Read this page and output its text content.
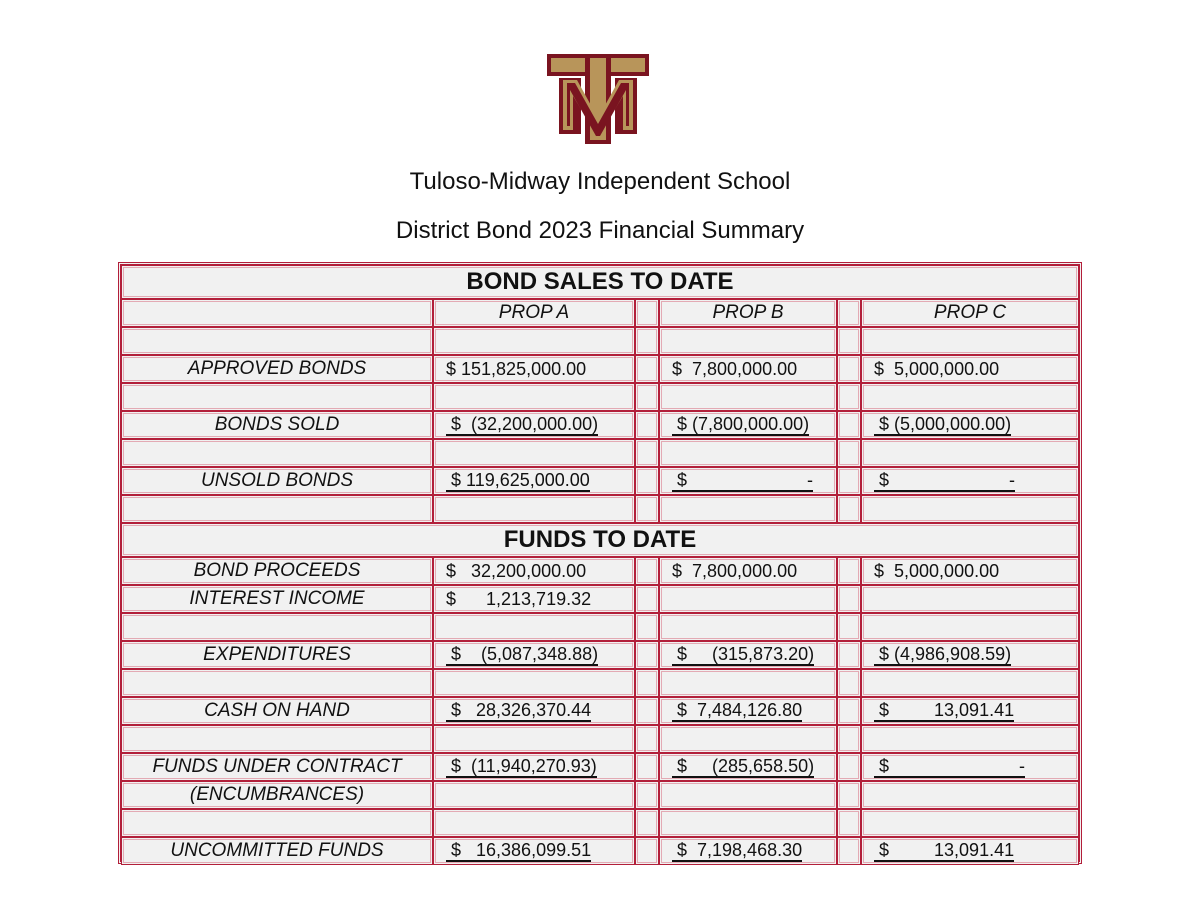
Tuloso-Midway Independent School
District Bond 2023 Financial Summary
BOND SALES TO DATE
PROP A	PROP B	PROP C
APPROVED BONDS	$ 151,825,000.00	$  7,800,000.00	$  5,000,000.00
BONDS SOLD	$  (32,200,000.00)	$ (7,800,000.00)	$ (5,000,000.00)
UNSOLD BONDS	$ 119,625,000.00	$                        -	$                        -
FUNDS TO DATE
BOND PROCEEDS	$   32,200,000.00	$  7,800,000.00	$  5,000,000.00
INTEREST INCOME	$      1,213,719.32
EXPENDITURES	$    (5,087,348.88)	$     (315,873.20)	$ (4,986,908.59)
CASH ON HAND	$   28,326,370.44	$  7,484,126.80	$         13,091.41
FUNDS UNDER CONTRACT $  (11,940,270.93)	$     (285,658.50)	$                          -
(ENCUMBRANCES)
UNCOMMITTED FUNDS	$   16,386,099.51	$  7,198,468.30	$         13,091.41
